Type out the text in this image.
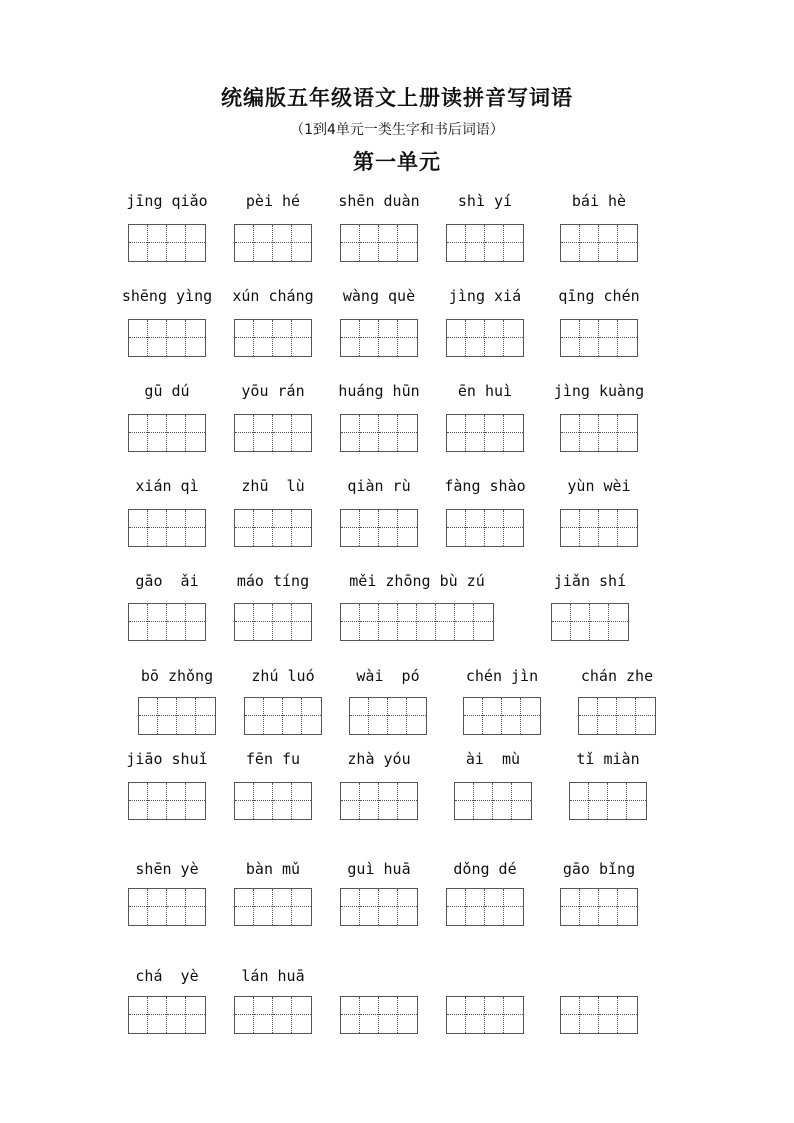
统编版五年级语文上册读拼音写词语
（1到4单元一类生字和书后词语）
第一单元
jīng qiǎo	pèi hé	shēn duàn	shì yí	bái hè
shēng yìng	xún cháng	wàng què	jìng xiá	qīng chén
gū dú	yōu rán	huáng hūn	ēn huì	jìng kuàng
xián qì	zhū  lù	qiàn rù	fàng shào	yùn wèi
gāo  ǎi	máo tíng	měi zhōng bù zú	jiǎn shí
bō zhǒng	zhú luó	wài  pó	chén jìn	chán zhe
jiāo shuǐ	fēn fu	zhà yóu	ài  mù	tǐ miàn
shēn yè	bàn mǔ	guì huā	dǒng dé	gāo bǐng
chá  yè	lán huā
